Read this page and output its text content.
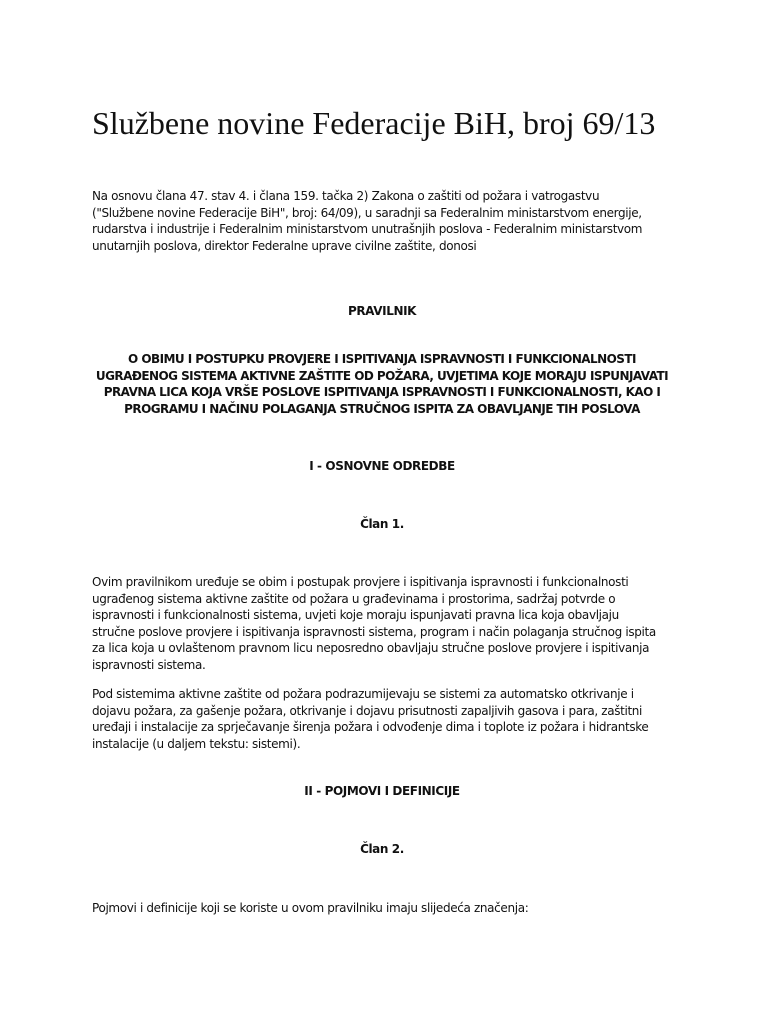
Službene novine Federacije BiH, broj 69/13

Na osnovu člana 47. stav 4. i člana 159. tačka 2) Zakona o zaštiti od požara i vatrogastvu ("Službene novine Federacije BiH", broj: 64/09), u saradnji sa Federalnim ministarstvom energije, rudarstva i industrije i Federalnim ministarstvom unutrašnjih poslova - Federalnim ministarstvom unutarnjih poslova, direktor Federalne uprave civilne zaštite, donosi

PRAVILNIK

O OBIMU I POSTUPKU PROVJERE I ISPITIVANJA ISPRAVNOSTI I FUNKCIONALNOSTI UGRAĐENOG SISTEMA AKTIVNE ZAŠTITE OD POŽARA, UVJETIMA KOJE MORAJU ISPUNJAVATI PRAVNA LICA KOJA VRŠE POSLOVE ISPITIVANJA ISPRAVNOSTI I FUNKCIONALNOSTI, KAO I PROGRAMU I NAČINU POLAGANJA STRUČNOG ISPITA ZA OBAVLJANJE TIH POSLOVA

I - OSNOVNE ODREDBE

Član 1.

Ovim pravilnikom uređuje se obim i postupak provjere i ispitivanja ispravnosti i funkcionalnosti ugrađenog sistema aktivne zaštite od požara u građevinama i prostorima, sadržaj potvrde o ispravnosti i funkcionalnosti sistema, uvjeti koje moraju ispunjavati pravna lica koja obavljaju stručne poslove provjere i ispitivanja ispravnosti sistema, program i način polaganja stručnog ispita za lica koja u ovlaštenom pravnom licu neposredno obavljaju stručne poslove provjere i ispitivanja ispravnosti sistema.

Pod sistemima aktivne zaštite od požara podrazumijevaju se sistemi za automatsko otkrivanje i dojavu požara, za gašenje požara, otkrivanje i dojavu prisutnosti zapaljivih gasova i para, zaštitni uređaji i instalacije za sprječavanje širenja požara i odvođenje dima i toplote iz požara i hidrantske instalacije (u daljem tekstu: sistemi).

II - POJMOVI I DEFINICIJE

Član 2.

Pojmovi i definicije koji se koriste u ovom pravilniku imaju slijedeća značenja:
